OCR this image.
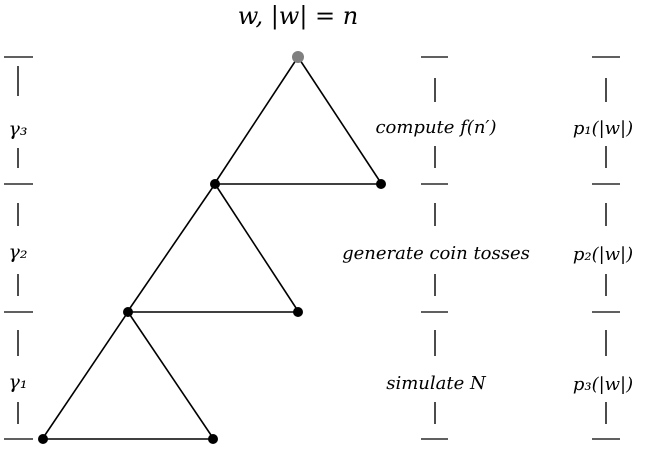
w, |w| = n
γ₃
γ₂
γ₁
compute f(n′)
generate coin tosses
simulate N
p₁(|w|)
p₂(|w|)
p₃(|w|)
